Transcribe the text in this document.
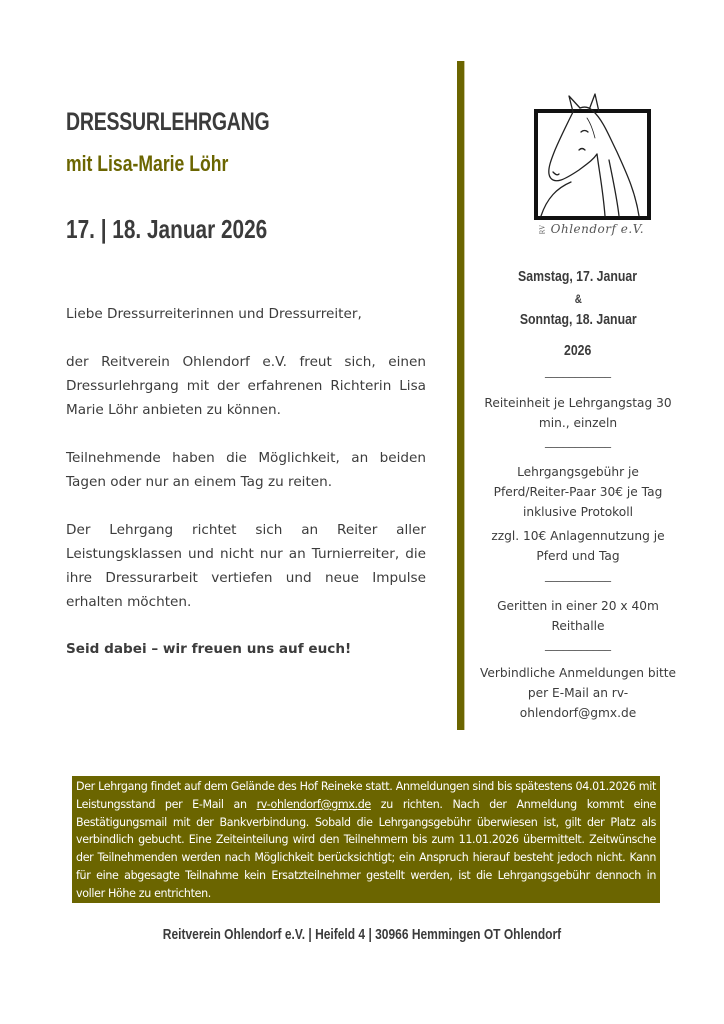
DRESSURLEHRGANG
mit Lisa-Marie Löhr
17. | 18. Januar 2026
Liebe Dressurreiterinnen und Dressurreiter,
der Reitverein Ohlendorf e.V. freut sich, einen Dressurlehrgang mit der erfahrenen Richterin Lisa Marie Löhr anbieten zu können.
Teilnehmende haben die Möglichkeit, an beiden Tagen oder nur an einem Tag zu reiten.
Der Lehrgang richtet sich an Reiter aller Leistungsklassen und nicht nur an Turnierreiter, die ihre Dressurarbeit vertiefen und neue Impulse erhalten möchten.
Seid dabei – wir freuen uns auf euch!
RV Ohlendorf e.V.
Samstag, 17. Januar
&
Sonntag, 18. Januar
2026
___________
Reiteinheit je Lehrgangstag 30 min., einzeln
___________
Lehrgangsgebühr je Pferd/Reiter-Paar 30€ je Tag inklusive Protokoll
zzgl. 10€ Anlagennutzung je Pferd und Tag
___________
Geritten in einer 20 x 40m Reithalle
___________
Verbindliche Anmeldungen bitte per E-Mail an rv-ohlendorf@gmx.de
Der Lehrgang findet auf dem Gelände des Hof Reineke statt. Anmeldungen sind bis spätestens 04.01.2026 mit Leistungsstand per E-Mail an rv-ohlendorf@gmx.de zu richten. Nach der Anmeldung kommt eine Bestätigungsmail mit der Bankverbindung. Sobald die Lehrgangsgebühr überwiesen ist, gilt der Platz als verbindlich gebucht. Eine Zeiteinteilung wird den Teilnehmern bis zum 11.01.2026 übermittelt. Zeitwünsche der Teilnehmenden werden nach Möglichkeit berücksichtigt; ein Anspruch hierauf besteht jedoch nicht. Kann für eine abgesagte Teilnahme kein Ersatzteilnehmer gestellt werden, ist die Lehrgangsgebühr dennoch in voller Höhe zu entrichten.
Reitverein Ohlendorf e.V. | Heifeld 4 | 30966 Hemmingen OT Ohlendorf
